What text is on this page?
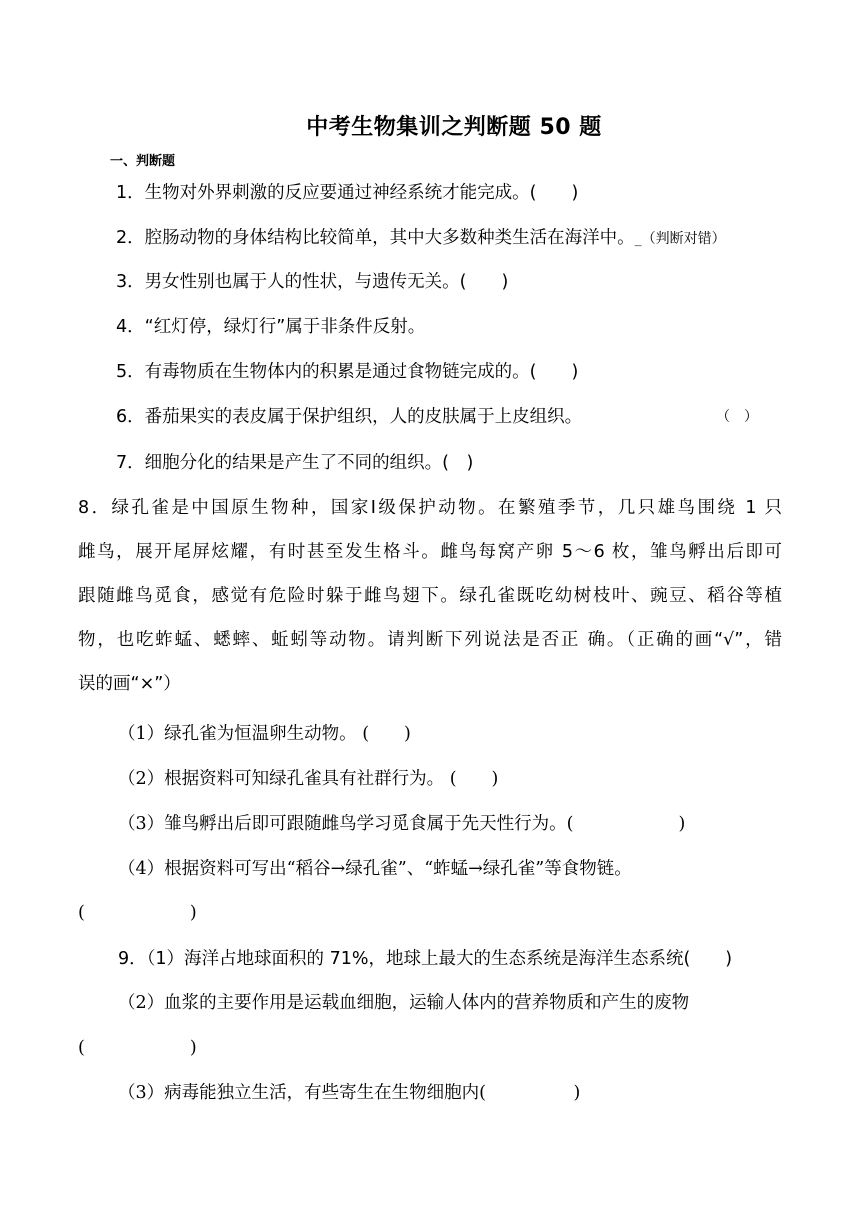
中考生物集训之判断题 50 题
一、判断题
1．生物对外界刺激的反应要通过神经系统才能完成。(　　)
2．腔肠动物的身体结构比较简单，其中大多数种类生活在海洋中。_（判断对错）
3．男女性别也属于人的性状，与遗传无关。(　　)
4．“红灯停，绿灯行”属于非条件反射。
5．有毒物质在生物体内的积累是通过食物链完成的。(　　)
6．番茄果实的表皮属于保护组织，人的皮肤属于上皮组织。	（　）
7．细胞分化的结果是产生了不同的组织。(　)
8．绿孔雀是中国原生物种，国家I级保护动物。在繁殖季节，几只雄鸟围绕 1 只
雌鸟，展开尾屏炫耀，有时甚至发生格斗。雌鸟每窝产卵 5～6 枚，雏鸟孵出后即可
跟随雌鸟觅食，感觉有危险时躲于雌鸟翅下。绿孔雀既吃幼树枝叶、豌豆、稻谷等植
物，也吃蚱蜢、蟋蟀、蚯蚓等动物。请判断下列说法是否正 确。（正确的画“√”，错
误的画“×”）
（1）绿孔雀为恒温卵生动物。 (　　)
（2）根据资料可知绿孔雀具有社群行为。 (　　)
（3）雏鸟孵出后即可跟随雌鸟学习觅食属于先天性行为。(　　　　　　)
（4）根据资料可写出“稻谷→绿孔雀”、“蚱蜢→绿孔雀”等食物链。
(　　　　　　)
9．（1）海洋占地球面积的 71%，地球上最大的生态系统是海洋生态系统(　　)
（2）血浆的主要作用是运载血细胞，运输人体内的营养物质和产生的废物
(　　　　　　)
（3）病毒能独立生活，有些寄生在生物细胞内(　　　　　)
